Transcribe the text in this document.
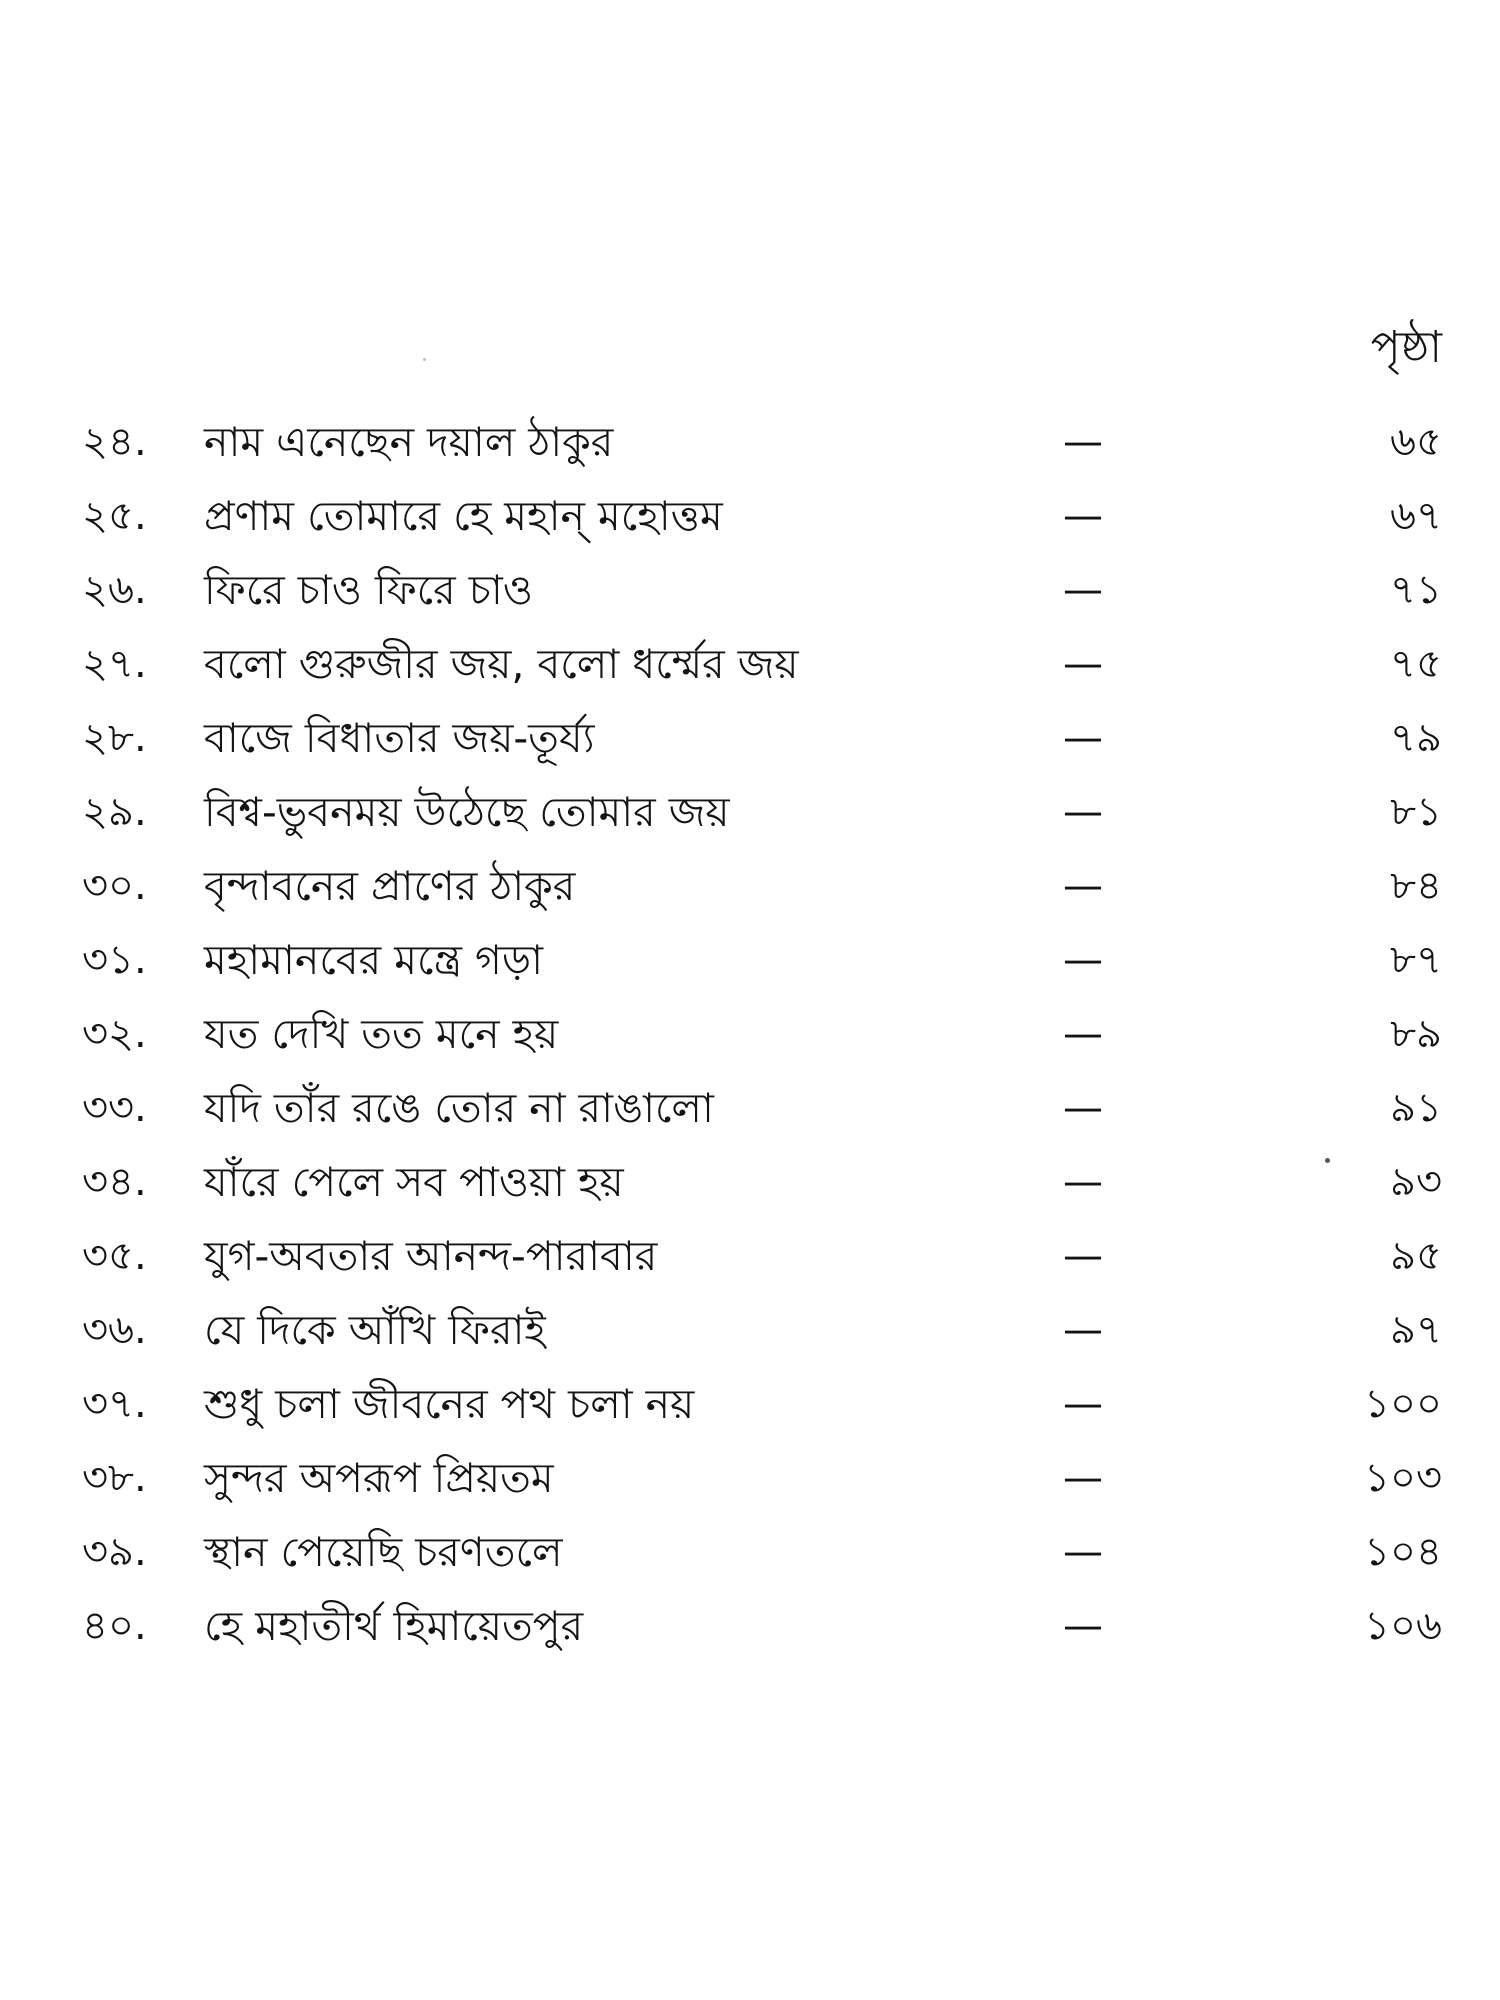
পৃষ্ঠা
২৪. নাম এনেছেন দয়াল ঠাকুর	—	৬৫
২৫. প্রণাম তোমারে হে মহান্ মহোত্তম	—	৬৭
২৬. ফিরে চাও ফিরে চাও	—	৭১
২৭. বলো গুরুজীর জয়, বলো ধর্ম্মের জয়	—	৭৫
২৮. বাজে বিধাতার জয়-তূর্য্য	—	৭৯
২৯. বিশ্ব-ভুবনময় উঠেছে তোমার জয়	—	৮১
৩০. বৃন্দাবনের প্রাণের ঠাকুর	—	৮৪
৩১. মহামানবের মন্ত্রে গড়া	—	৮৭
৩২. যত দেখি তত মনে হয়	—	৮৯
৩৩. যদি তাঁর রঙে তোর না রাঙালো	—	৯১
৩৪. যাঁরে পেলে সব পাওয়া হয়	—	৯৩
৩৫. যুগ-অবতার আনন্দ-পারাবার	—	৯৫
৩৬. যে দিকে আঁখি ফিরাই	—	৯৭
৩৭. শুধু চলা জীবনের পথ চলা নয়	—	১০০
৩৮. সুন্দর অপরূপ প্রিয়তম	—	১০৩
৩৯. স্থান পেয়েছি চরণতলে	—	১০৪
৪০. হে মহাতীর্থ হিমায়েতপুর	—	১০৬
